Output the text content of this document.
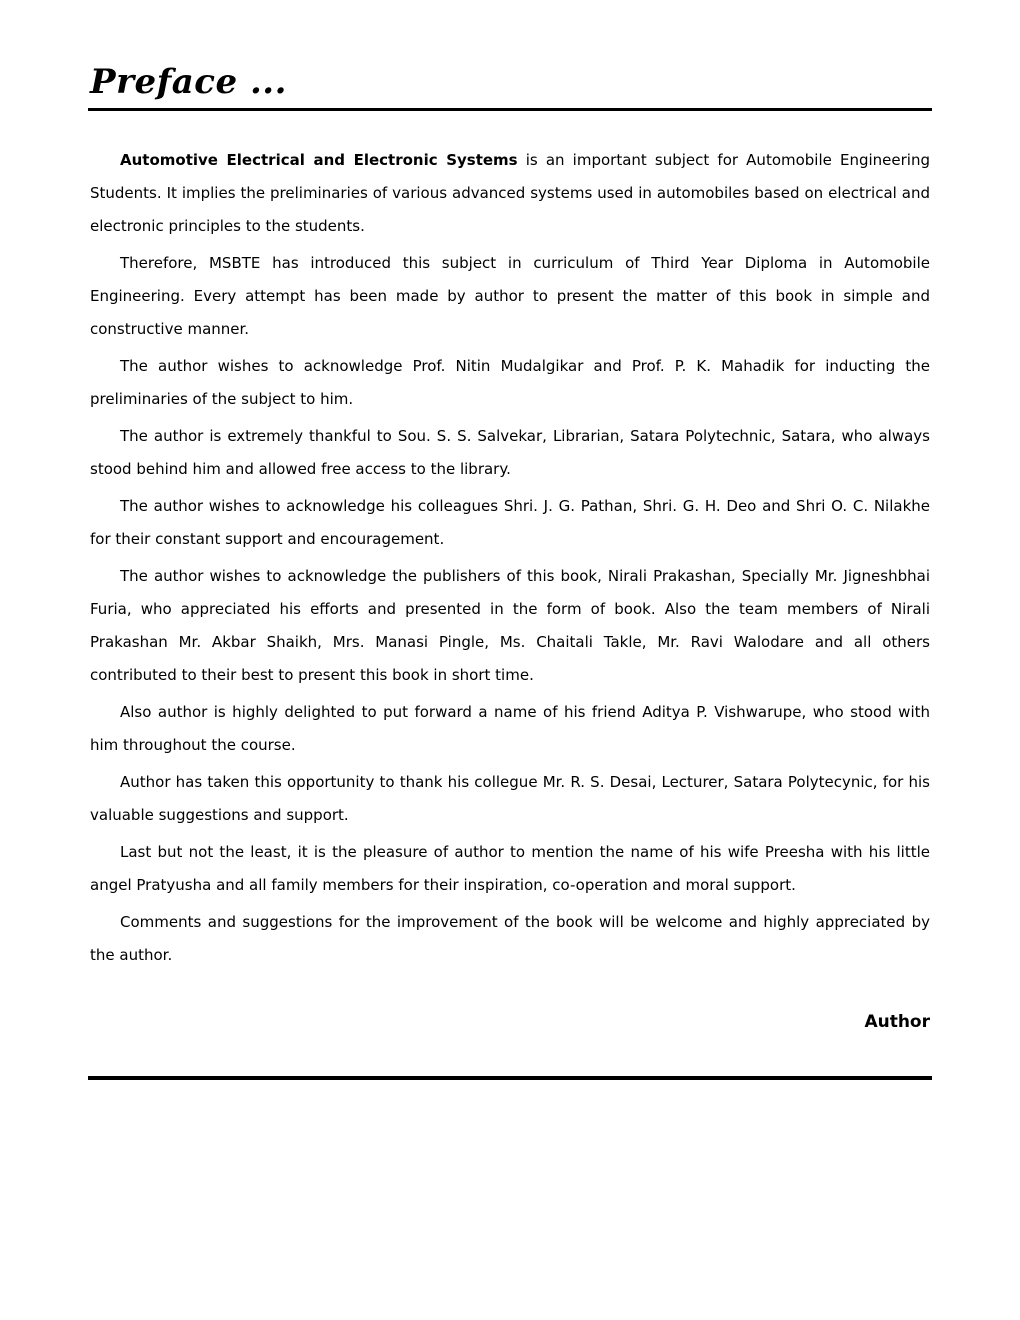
Preface ...

Automotive Electrical and Electronic Systems is an important subject for Automobile Engineering Students. It implies the preliminaries of various advanced systems used in automobiles based on electrical and electronic principles to the students.

Therefore, MSBTE has introduced this subject in curriculum of Third Year Diploma in Automobile Engineering. Every attempt has been made by author to present the matter of this book in simple and constructive manner.

The author wishes to acknowledge Prof. Nitin Mudalgikar and Prof. P. K. Mahadik for inducting the preliminaries of the subject to him.

The author is extremely thankful to Sou. S. S. Salvekar, Librarian, Satara Polytechnic, Satara, who always stood behind him and allowed free access to the library.

The author wishes to acknowledge his colleagues Shri. J. G. Pathan, Shri. G. H. Deo and Shri O. C. Nilakhe for their constant support and encouragement.

The author wishes to acknowledge the publishers of this book, Nirali Prakashan, Specially Mr. Jigneshbhai Furia, who appreciated his efforts and presented in the form of book. Also the team members of Nirali Prakashan Mr. Akbar Shaikh, Mrs. Manasi Pingle, Ms. Chaitali Takle, Mr. Ravi Walodare and all others contributed to their best to present this book in short time.

Also author is highly delighted to put forward a name of his friend Aditya P. Vishwarupe, who stood with him throughout the course.

Author has taken this opportunity to thank his collegue Mr. R. S. Desai, Lecturer, Satara Polytecynic, for his valuable suggestions and support.

Last but not the least, it is the pleasure of author to mention the name of his wife Preesha with his little angel Pratyusha and all family members for their inspiration, co-operation and moral support.

Comments and suggestions for the improvement of the book will be welcome and highly appreciated by the author.

Author
